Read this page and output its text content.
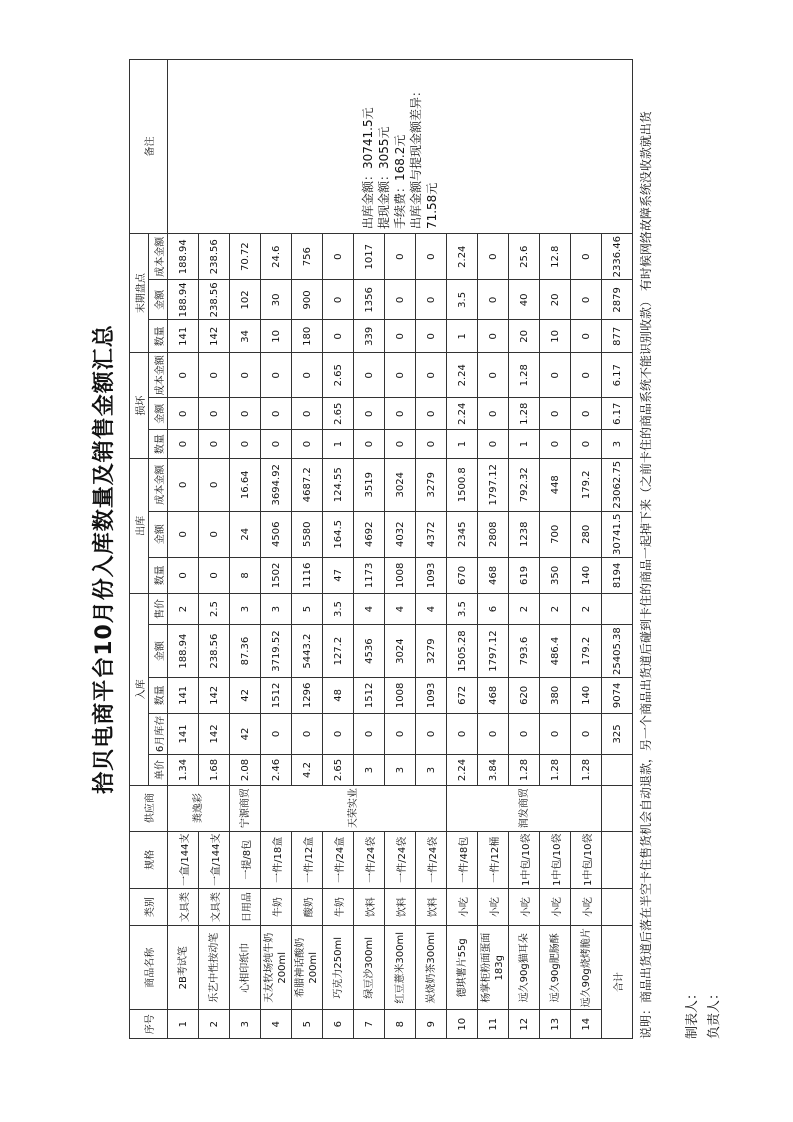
拾贝电商平台10月份入库数量及销售金额汇总
序号	商品名称	类别	规格	供应商	入库					出库			损坏			末期盘点			备注
					单价	6月库存	数量	金额	售价	数量	金额	成本金额	数量	金额	成本金额	数量	金额	成本金额	
1	2B考试笔	文具类	一盒/144支	粪逸彩	1.34	141	141	188.94	2	0	0	0	0	0	0	141	188.94	188.94	出库金额：30741.5元 提现金额：3055元 手续费：168.2元 出库金额与提现金额差异：71.58元

2	乐艺中性按动笔	文具类	一盒/144支		1.68	142	142	238.56	2.5	0	0	0	0	0	0	142	238.56	238.56	
3	心相印纸巾	日用品	一提/8包	宁源商贸	2.08	42	42	87.36	3	8	24	16.64	0	0	0	34	102	70.72	
4	天友牧场纯牛奶200ml	牛奶	一件/18盒	天荣实业	2.46	0	1512	3719.52	3	1502	4506	3694.92	0	0	0	10	30	24.6	
5	希腊神话酸奶200ml	酸奶	一件/12盒		4.2	0	1296	5443.2	5	1116	5580	4687.2	0	0	0	180	900	756	
6	巧克力250ml	牛奶	一件/24盒		2.65	0	48	127.2	3.5	47	164.5	124.55	1	2.65	2.65	0	0	0	
7	绿豆沙300ml	饮料	一件/24袋		3	0	1512	4536	4	1173	4692	3519	0	0	0	339	1356	1017	
8	红豆薏米300ml	饮料	一件/24袋		3	0	1008	3024	4	1008	4032	3024	0	0	0	0	0	0	
9	炭烧奶茶300ml	饮料	一件/24袋		3	0	1093	3279	4	1093	4372	3279	0	0	0	0	0	0	
10	德琪薯片55g	小吃	一件/48包	润发商贸	2.24	0	672	1505.28	3.5	670	2345	1500.8	1	2.24	2.24	1	3.5	2.24	
11	杨掌柜粉面蛋面183g	小吃	一件/12桶		3.84	0	468	1797.12	6	468	2808	1797.12	0	0	0	0	0	0	
12	远久90g猫耳朵	小吃	1中包/10袋		1.28	0	620	793.6	2	619	1238	792.32	1	1.28	1.28	20	40	25.6	
13	远久90g肥肠酥	小吃	1中包/10袋		1.28	0	380	486.4	2	350	700	448	0	0	0	10	20	12.8	
14	远久90g烧烤脆片	小吃	1中包/10袋		1.28	0	140	179.2	2	140	280	179.2	0	0	0	0	0	0	
合计						325	9074	25405.38		8194	30741.5	23062.75	3	6.17	6.17	877	2879	2336.46	说明：商品出货道后落在半空卡住售货机会自动退款，另一个商品出货道后碰到卡住的商品一起掉下来（之前卡住的商品系统不能识别收款） 有时候网络故障系统没收款就出货	制表人： 负责人：
